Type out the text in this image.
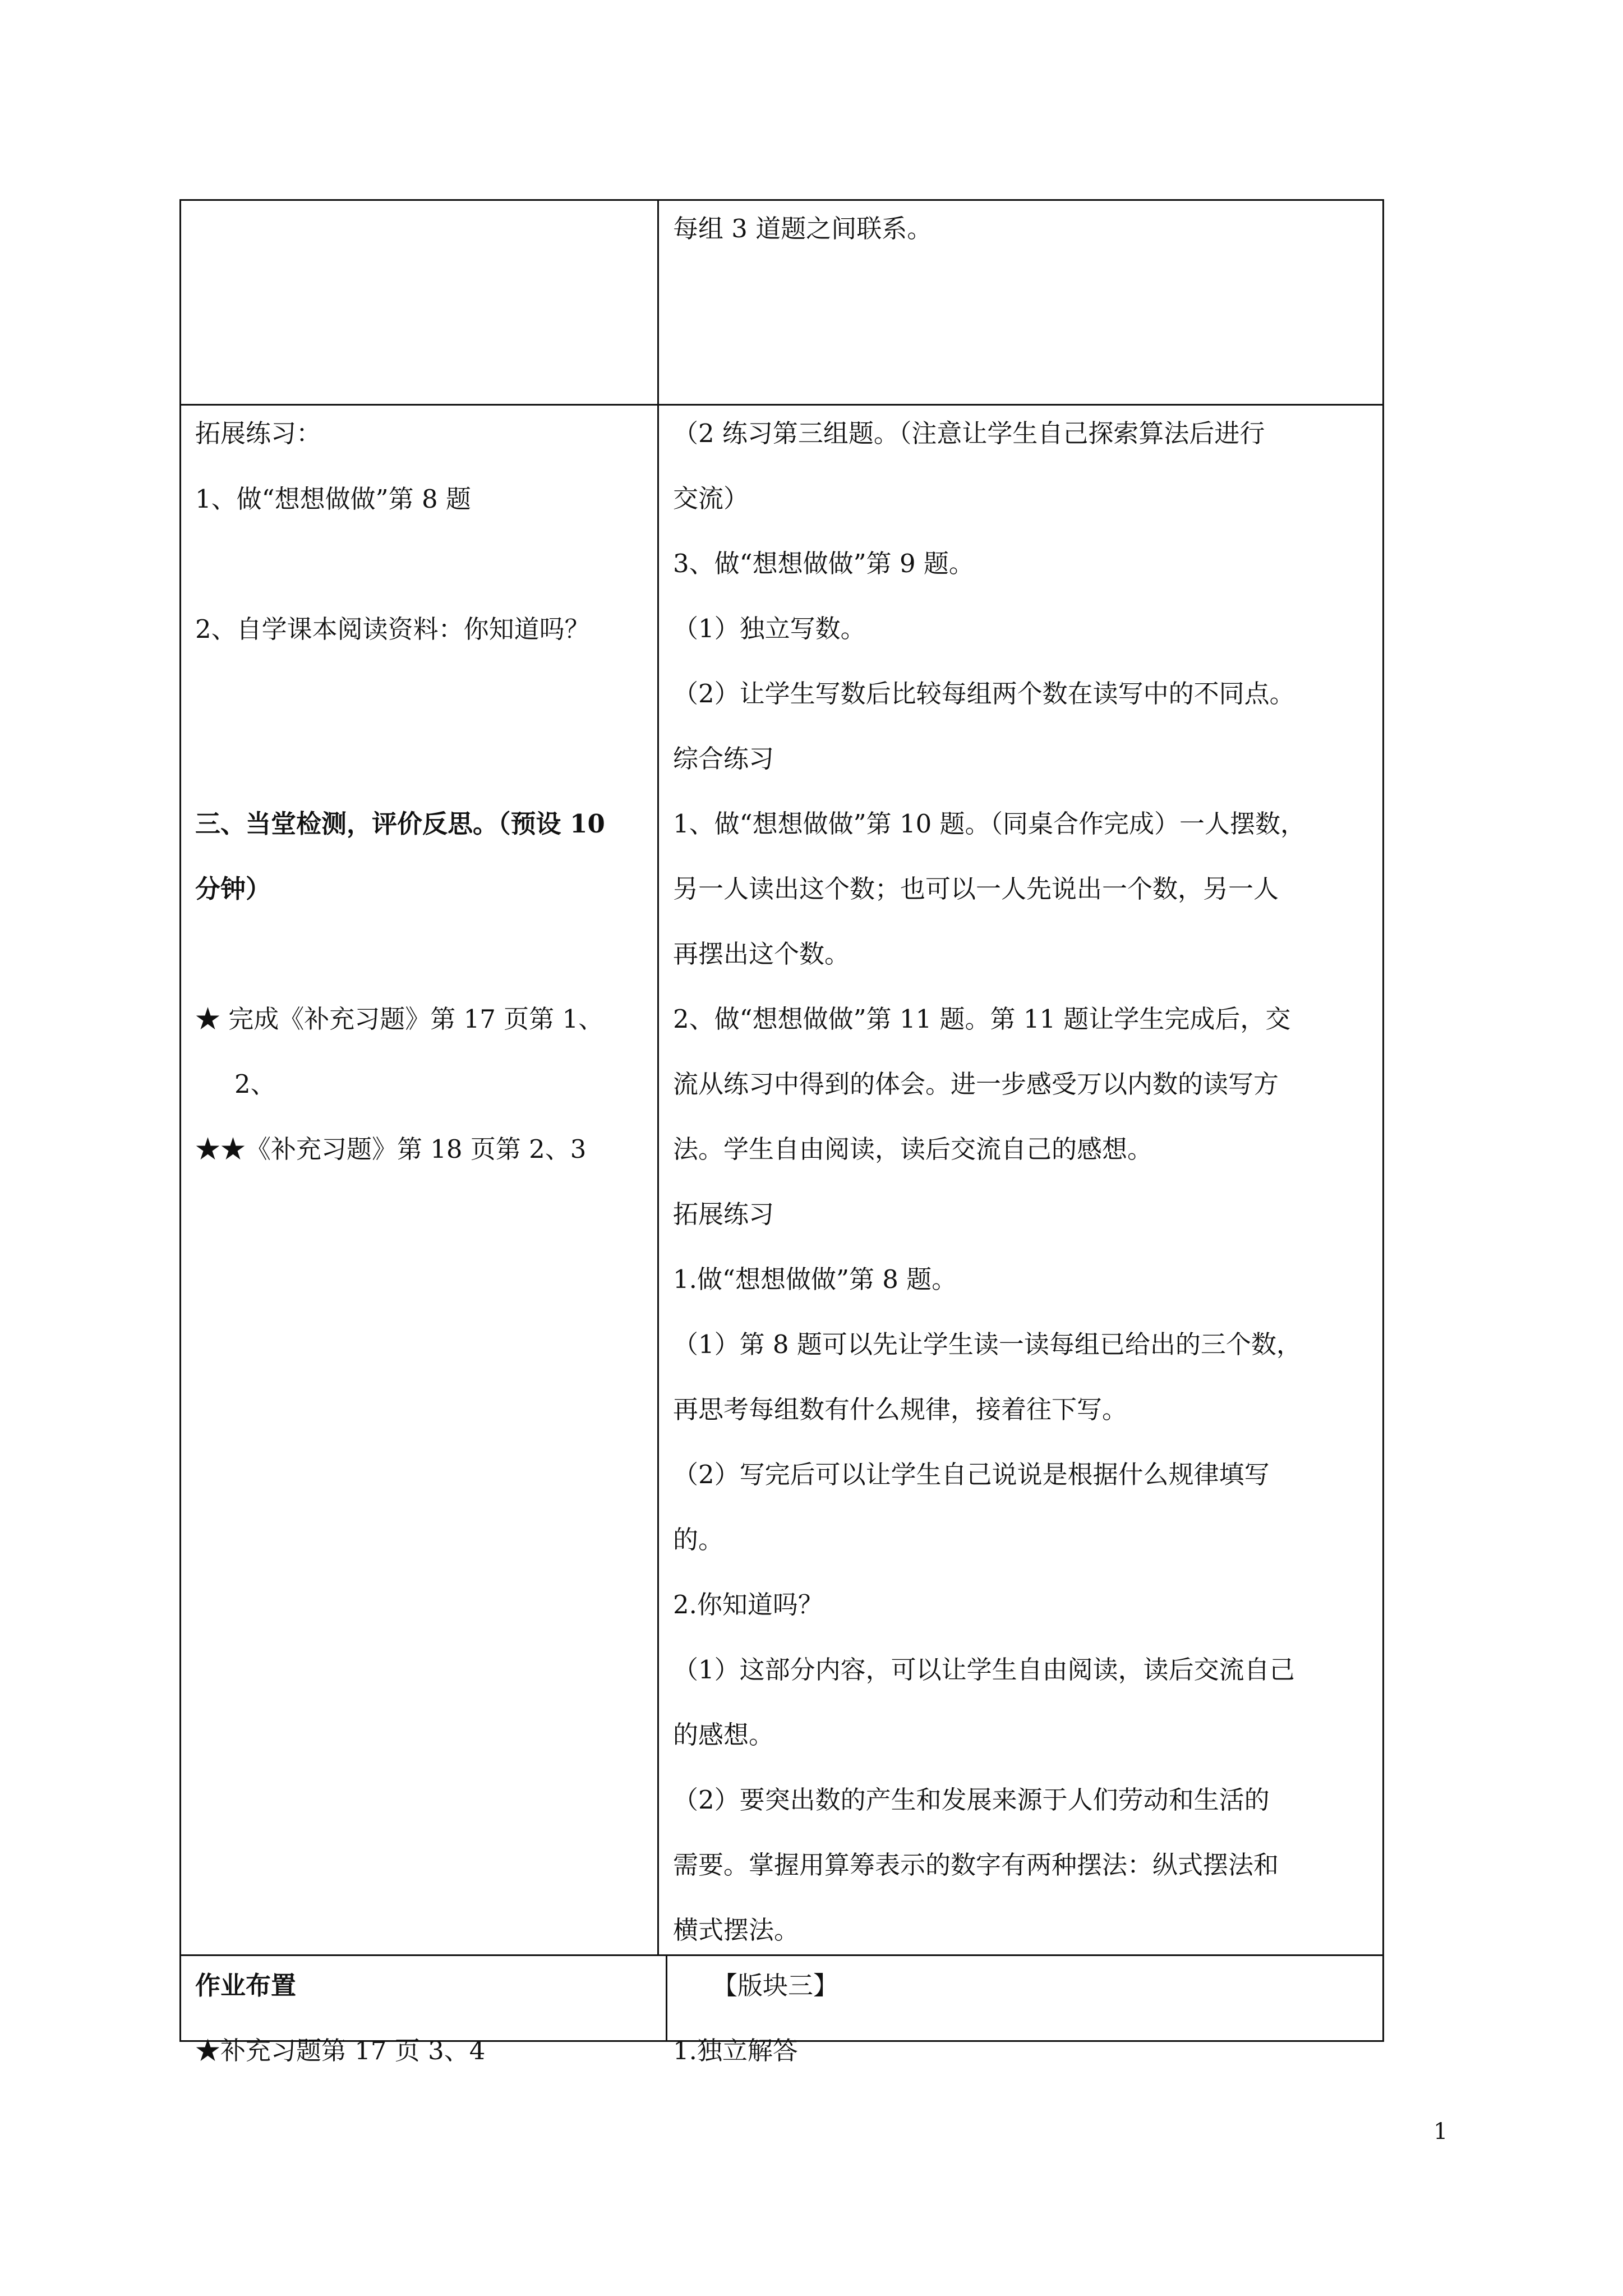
每组 3 道题之间联系。
拓展练习：
1、做“想想做做”第 8 题
2、自学课本阅读资料：你知道吗？
三、当堂检测，评价反思。（预设 10
分钟）
★ 完成《补充习题》第 17 页第 1、
2、
★★《补充习题》第 18 页第 2、3
（2 练习第三组题。（注意让学生自己探索算法后进行
交流）
3、做“想想做做”第 9 题。
（1）独立写数。
（2）让学生写数后比较每组两个数在读写中的不同点。
综合练习
1、做“想想做做”第 10 题。（同桌合作完成）一人摆数，
另一人读出这个数；也可以一人先说出一个数，另一人
再摆出这个数。
2、做“想想做做”第 11 题。第 11 题让学生完成后，交
流从练习中得到的体会。进一步感受万以内数的读写方
法。学生自由阅读，读后交流自己的感想。
拓展练习
1.做“想想做做”第 8 题。
（1）第 8 题可以先让学生读一读每组已给出的三个数，
再思考每组数有什么规律，接着往下写。
（2）写完后可以让学生自己说说是根据什么规律填写
的。
2.你知道吗？
（1）这部分内容，可以让学生自由阅读，读后交流自己
的感想。
（2）要突出数的产生和发展来源于人们劳动和生活的
需要。掌握用算筹表示的数字有两种摆法：纵式摆法和
横式摆法。
作业布置
★补充习题第 17 页 3、4
【版块三】
1.独立解答
1
